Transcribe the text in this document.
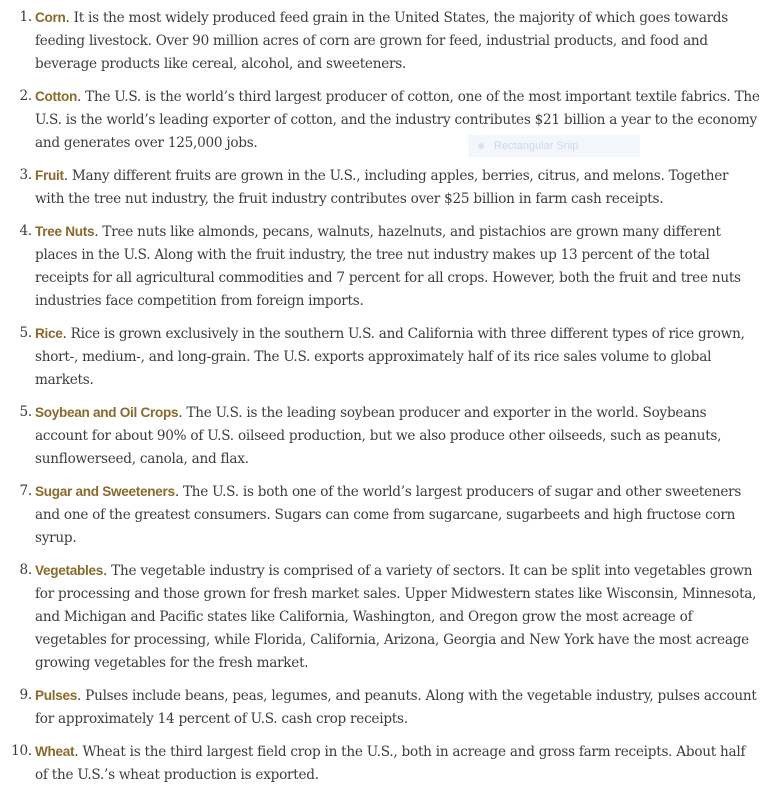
1. Corn. It is the most widely produced feed grain in the United States, the majority of which goes towards feeding livestock. Over 90 million acres of corn are grown for feed, industrial products, and food and beverage products like cereal, alcohol, and sweeteners.
2. Cotton. The U.S. is the world’s third largest producer of cotton, one of the most important textile fabrics. The U.S. is the world’s leading exporter of cotton, and the industry contributes $21 billion a year to the economy and generates over 125,000 jobs.
3. Fruit. Many different fruits are grown in the U.S., including apples, berries, citrus, and melons. Together with the tree nut industry, the fruit industry contributes over $25 billion in farm cash receipts.
4. Tree Nuts. Tree nuts like almonds, pecans, walnuts, hazelnuts, and pistachios are grown many different places in the U.S. Along with the fruit industry, the tree nut industry makes up 13 percent of the total receipts for all agricultural commodities and 7 percent for all crops. However, both the fruit and tree nuts industries face competition from foreign imports.
5. Rice. Rice is grown exclusively in the southern U.S. and California with three different types of rice grown, short-, medium-, and long-grain. The U.S. exports approximately half of its rice sales volume to global markets.
5. Soybean and Oil Crops. The U.S. is the leading soybean producer and exporter in the world. Soybeans account for about 90% of U.S. oilseed production, but we also produce other oilseeds, such as peanuts, sunflowerseed, canola, and flax.
7. Sugar and Sweeteners. The U.S. is both one of the world’s largest producers of sugar and other sweeteners and one of the greatest consumers. Sugars can come from sugarcane, sugarbeets and high fructose corn syrup.
8. Vegetables. The vegetable industry is comprised of a variety of sectors. It can be split into vegetables grown for processing and those grown for fresh market sales. Upper Midwestern states like Wisconsin, Minnesota, and Michigan and Pacific states like California, Washington, and Oregon grow the most acreage of vegetables for processing, while Florida, California, Arizona, Georgia and New York have the most acreage growing vegetables for the fresh market.
9. Pulses. Pulses include beans, peas, legumes, and peanuts. Along with the vegetable industry, pulses account for approximately 14 percent of U.S. cash crop receipts.
10. Wheat. Wheat is the third largest field crop in the U.S., both in acreage and gross farm receipts. About half of the U.S.’s wheat production is exported.
Rectangular Snip
